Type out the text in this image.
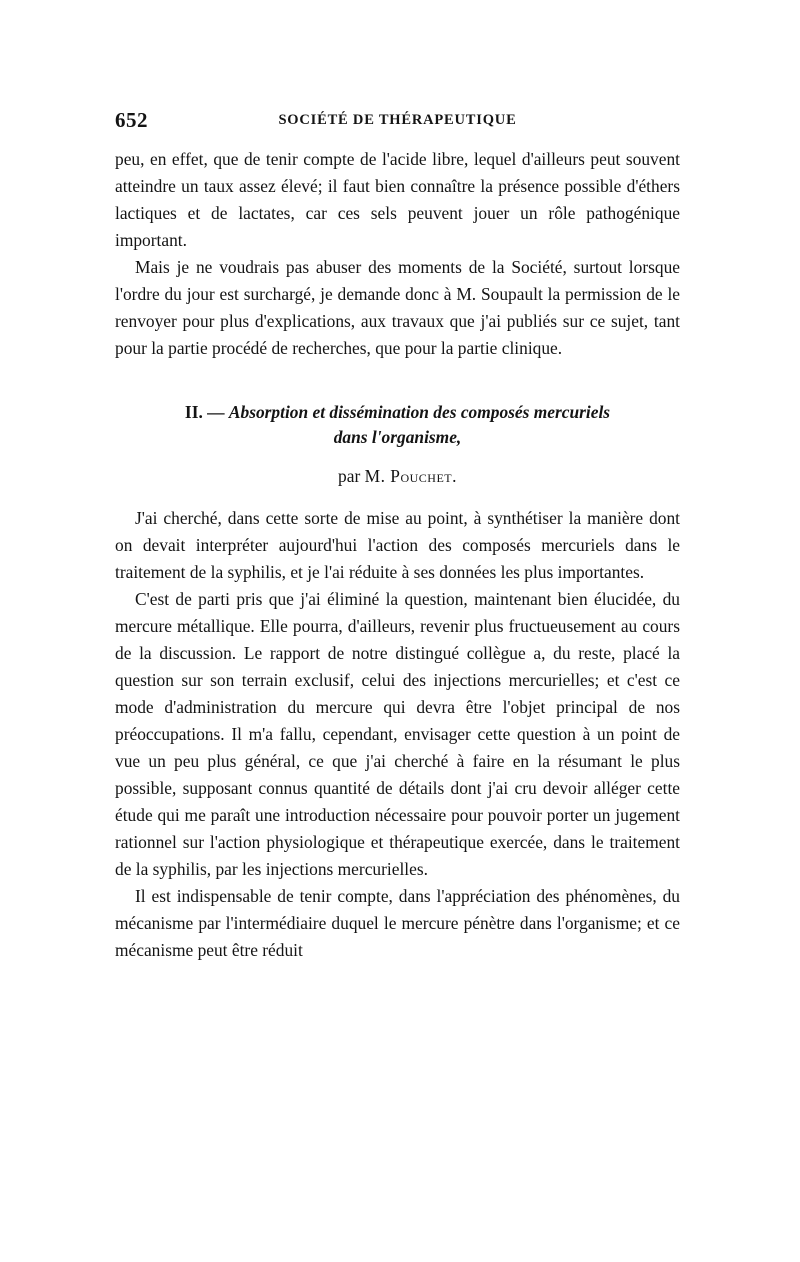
652	SOCIÉTÉ DE THÉRAPEUTIQUE

peu, en effet, que de tenir compte de l'acide libre, lequel d'ailleurs peut souvent atteindre un taux assez élevé; il faut bien connaître la présence possible d'éthers lactiques et de lactates, car ces sels peuvent jouer un rôle pathogénique important.

Mais je ne voudrais pas abuser des moments de la Société, surtout lorsque l'ordre du jour est surchargé, je demande donc à M. Soupault la permission de le renvoyer pour plus d'explications, aux travaux que j'ai publiés sur ce sujet, tant pour la partie procédé de recherches, que pour la partie clinique.

II. — Absorption et dissémination des composés mercuriels
dans l'organisme,
par M. Pouchet.

J'ai cherché, dans cette sorte de mise au point, à synthétiser la manière dont on devait interpréter aujourd'hui l'action des composés mercuriels dans le traitement de la syphilis, et je l'ai réduite à ses données les plus importantes.

C'est de parti pris que j'ai éliminé la question, maintenant bien élucidée, du mercure métallique. Elle pourra, d'ailleurs, revenir plus fructueusement au cours de la discussion. Le rapport de notre distingué collègue a, du reste, placé la question sur son terrain exclusif, celui des injections mercurielles; et c'est ce mode d'administration du mercure qui devra être l'objet principal de nos préoccupations. Il m'a fallu, cependant, envisager cette question à un point de vue un peu plus général, ce que j'ai cherché à faire en la résumant le plus possible, supposant connus quantité de détails dont j'ai cru devoir alléger cette étude qui me paraît une introduction nécessaire pour pouvoir porter un jugement rationnel sur l'action physiologique et thérapeutique exercée, dans le traitement de la syphilis, par les injections mercurielles.

Il est indispensable de tenir compte, dans l'appréciation des phénomènes, du mécanisme par l'intermédiaire duquel le mercure pénètre dans l'organisme; et ce mécanisme peut être réduit
